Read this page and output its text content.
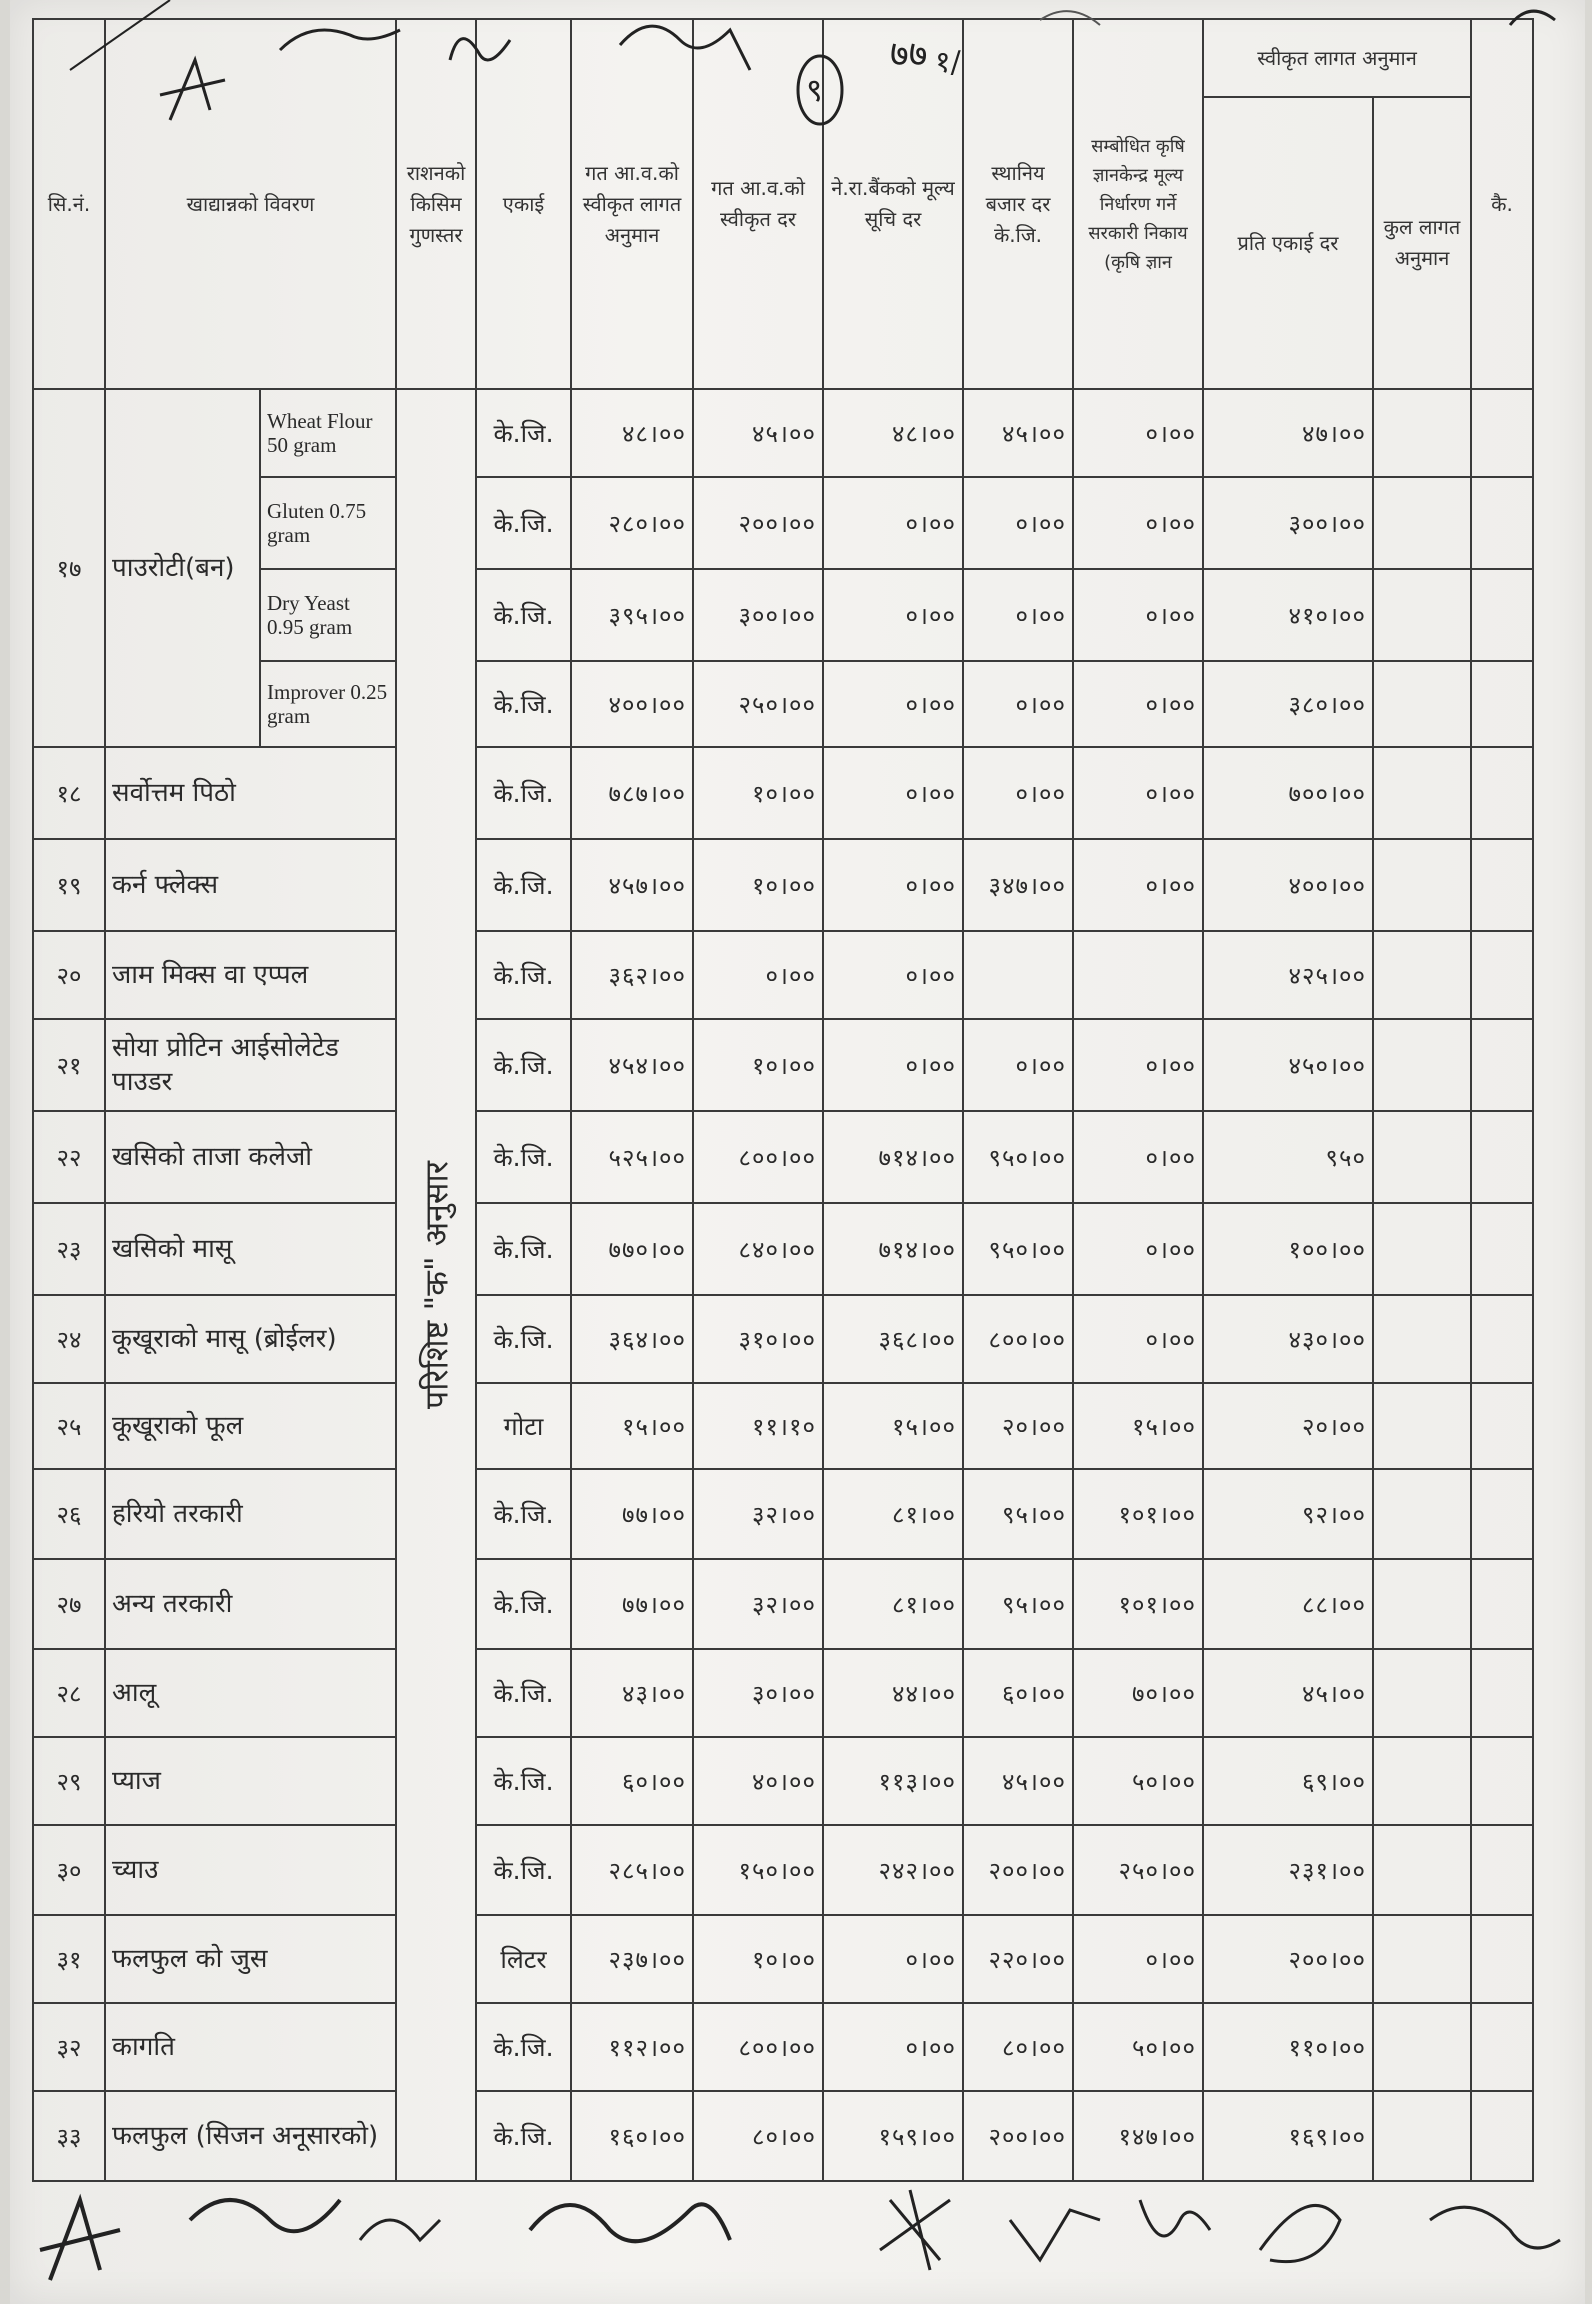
सि.नं.	खाद्यान्नको विवरण		राशनको किसिम गुणस्तर	एकाई	गत आ.व.को स्वीकृत लागत अनुमान	गत आ.व.को स्वीकृत दर	ने.रा.बैंकको मूल्य सूचि दर	स्थानिय बजार दर के.जि.	सम्बोधित कृषि ज्ञानकेन्द्र मूल्य निर्धारण गर्ने सरकारी निकाय (कृषि ज्ञान	स्वीकृत लागत अनुमान		कै.
										प्रति एकाई दर	कुल लागत अनुमान	
१७	पाउरोटी(बन)	Wheat Flour 50 gram	परिशिष्ट "क" अनुसार	के.जि.	४८।००	४५।००	४८।००	४५।००	०।००	४७।००		
		Gluten 0.75 gram		के.जि.	२८०।००	२००।००	०।००	०।००	०।००	३००।००		
		Dry Yeast 0.95 gram		के.जि.	३९५।००	३००।००	०।००	०।००	०।००	४१०।००		
		Improver 0.25 gram		के.जि.	४००।००	२५०।००	०।००	०।००	०।००	३८०।००		
१८	सर्वोत्तम पिठो			के.जि.	७८७।००	१०।००	०।००	०।००	०।००	७००।००		
१९	कर्न फ्लेक्स			के.जि.	४५७।००	१०।००	०।००	३४७।००	०।००	४००।००		
२०	जाम मिक्स वा एप्पल			के.जि.	३६२।००	०।००	०।००			४२५।००		
२१	सोया प्रोटिन आईसोलेटेड पाउडर			के.जि.	४५४।००	१०।००	०।००	०।००	०।००	४५०।००		
२२	खसिको ताजा कलेजो			के.जि.	५२५।००	८००।००	७१४।००	९५०।००	०।००	९५०		
२३	खसिको मासू			के.जि.	७७०।००	८४०।००	७१४।००	९५०।००	०।००	१००।००		
२४	कूखूराको मासू (ब्रोईलर)			के.जि.	३६४।००	३१०।००	३६८।००	८००।००	०।००	४३०।००		
२५	कूखूराको फूल			गोटा	१५।००	११।१०	१५।००	२०।००	१५।००	२०।००		
२६	हरियो तरकारी			के.जि.	७७।००	३२।००	८१।००	९५।००	१०१।००	९२।००		
२७	अन्य तरकारी			के.जि.	७७।००	३२।००	८१।००	९५।००	१०१।००	८८।००		
२८	आलू			के.जि.	४३।००	३०।००	४४।००	६०।००	७०।००	४५।००		
२९	प्याज			के.जि.	६०।००	४०।००	११३।००	४५।००	५०।००	६९।००		
३०	च्याउ			के.जि.	२८५।००	१५०।००	२४२।००	२००।००	२५०।००	२३१।००		
३१	फलफुल को जुस			लिटर	२३७।००	१०।००	०।००	२२०।००	०।००	२००।००		
३२	कागति			के.जि.	११२।००	८००।००	०।००	८०।००	५०।००	११०।००		
३३	फलफुल (सिजन अनूसारको)			के.जि.	१६०।००	८०।००	१५९।००	२००।००	१४७।००	१६९।००		
९
७७ १/
